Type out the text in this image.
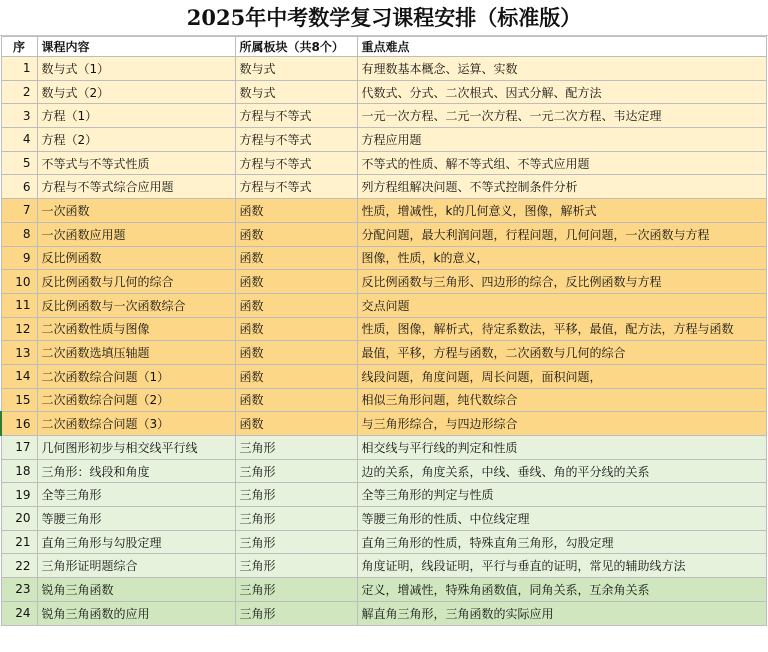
2025年中考数学复习课程安排（标准版）
序	课程内容	所属板块（共8个）	重点难点
1	数与式（1）	数与式	有理数基本概念、运算、实数
2	数与式（2）	数与式	代数式、分式、二次根式、因式分解、配方法
3	方程（1）	方程与不等式	一元一次方程、二元一次方程、一元二次方程、韦达定理
4	方程（2）	方程与不等式	方程应用题
5	不等式与不等式性质	方程与不等式	不等式的性质、解不等式组、不等式应用题
6	方程与不等式综合应用题	方程与不等式	列方程组解决问题、不等式控制条件分析
7	一次函数	函数	性质，增减性，k的几何意义，图像，解析式
8	一次函数应用题	函数	分配问题，最大利润问题，行程问题，几何问题，一次函数与方程
9	反比例函数	函数	图像，性质，k的意义，
10	反比例函数与几何的综合	函数	反比例函数与三角形、四边形的综合，反比例函数与方程
11	反比例函数与一次函数综合	函数	交点问题
12	二次函数性质与图像	函数	性质，图像，解析式，待定系数法，平移，最值，配方法，方程与函数
13	二次函数选填压轴题	函数	最值，平移，方程与函数，二次函数与几何的综合
14	二次函数综合问题（1）	函数	线段问题，角度问题，周长问题，面积问题，
15	二次函数综合问题（2）	函数	相似三角形问题，纯代数综合
16	二次函数综合问题（3）	函数	与三角形综合，与四边形综合
17	几何图形初步与相交线平行线	三角形	相交线与平行线的判定和性质
18	三角形：线段和角度	三角形	边的关系，角度关系，中线、垂线、角的平分线的关系
19	全等三角形	三角形	全等三角形的判定与性质
20	等腰三角形	三角形	等腰三角形的性质、中位线定理
21	直角三角形与勾股定理	三角形	直角三角形的性质，特殊直角三角形，勾股定理
22	三角形证明题综合	三角形	角度证明，线段证明，平行与垂直的证明，常见的辅助线方法
23	锐角三角函数	三角形	定义，增减性，特殊角函数值，同角关系，互余角关系
24	锐角三角函数的应用	三角形	解直角三角形，三角函数的实际应用
